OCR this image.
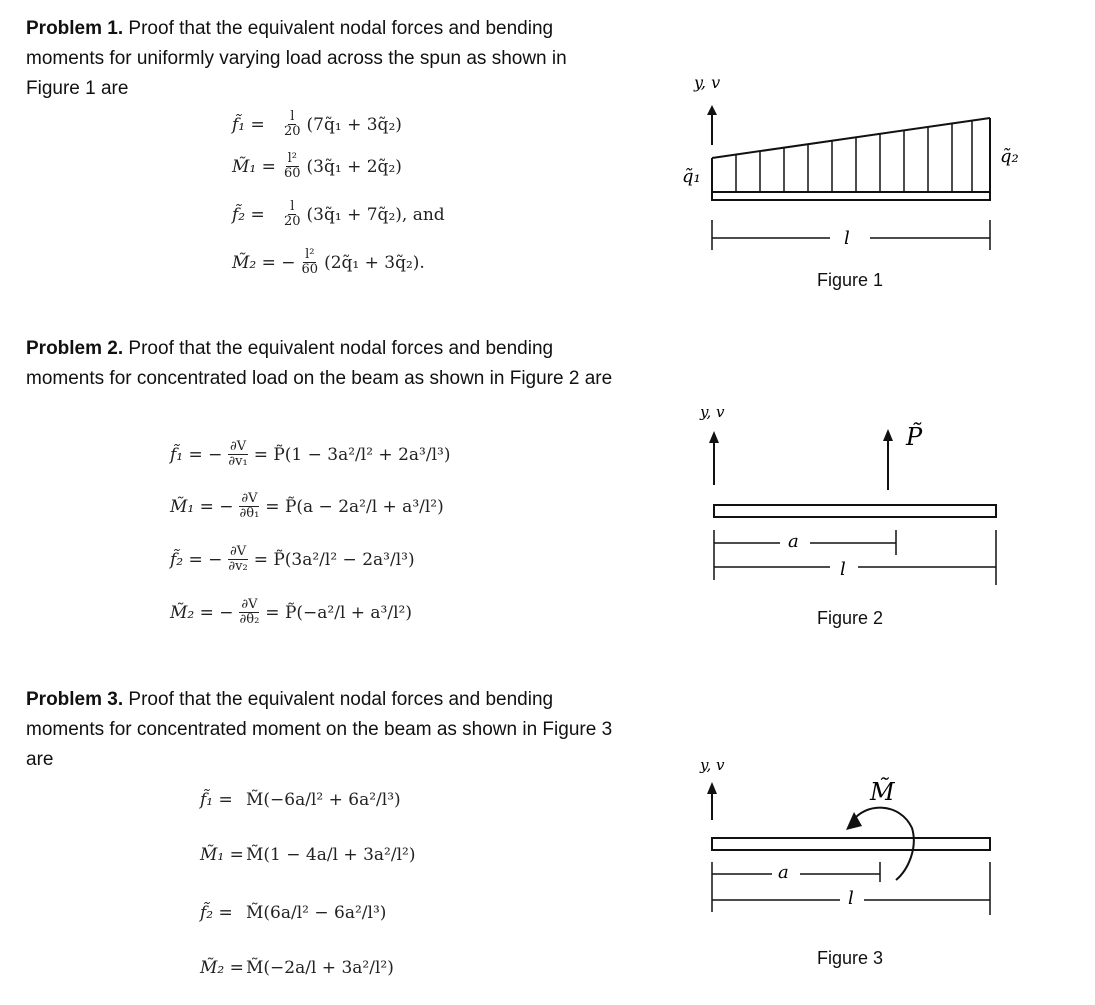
Problem 1. Proof that the equivalent nodal forces and bending moments for uniformly varying load across the spun as shown in Figure 1 are
f̃₁ =	$\frac{l}{20}$ (7q̃₁ + 3q̃₂)
M̃₁ = $\frac{\text{l²}}{60}$ (3q̃₁ + 2q̃₂)
f̃₂ =	$\frac{l}{20}$ (3q̃₁ + 7q̃₂), and
M̃₂ = − $\frac{\text{l²}}{60}$ (2q̃₁ + 3q̃₂).
y, v
q̃₁
q̃₂
l
Figure 1
Problem 2. Proof that the equivalent nodal forces and bending moments for concentrated load on the beam as shown in Figure 2 are
f̃₁ = − $\frac{\partial V}{\text{∂v₁}}$ = P̃(1 − 3a²/l² + 2a³/l³)
M̃₁ = − $\frac{\partial V}{\text{∂θ₁}}$ = P̃(a − 2a²/l + a³/l²)
f̃₂ = − $\frac{\partial V}{\text{∂v₂}}$ = P̃(3a²/l² − 2a³/l³)
M̃₂ = − $\frac{\partial V}{\text{∂θ₂}}$ = P̃(−a²/l + a³/l²)
y, v
P̃
a
l
Figure 2
Problem 3. Proof that the equivalent nodal forces and bending moments for concentrated moment on the beam as shown in Figure 3 are
f̃₁ = M̃(−6a/l² + 6a²/l³)
M̃₁ = M̃(1 − 4a/l + 3a²/l²)
f̃₂ = M̃(6a/l² − 6a²/l³)
M̃₂ = M̃(−2a/l + 3a²/l²)
y, v
M̃
a
l
Figure 3
